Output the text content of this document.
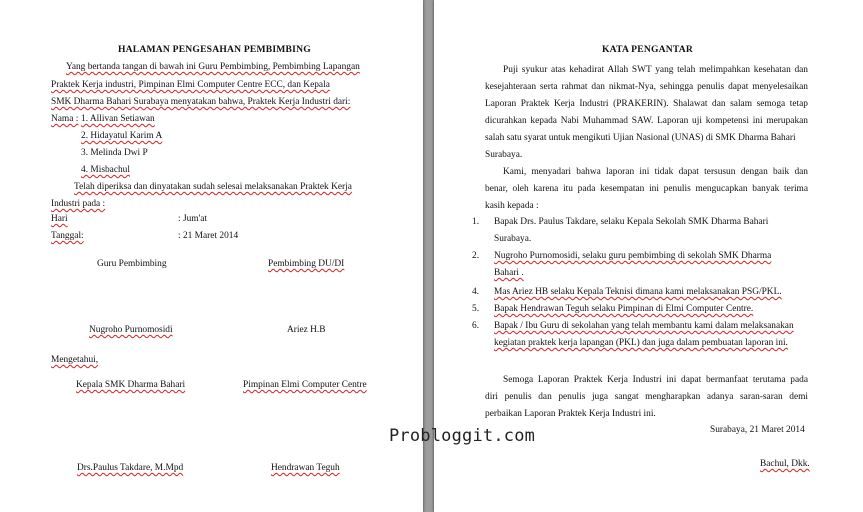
HALAMAN PENGESAHAN PEMBIMBING
Yang bertanda tangan di bawah ini Guru Pembimbing, Pembimbing Lapangan
Praktek Kerja industri, Pimpinan Elmi Computer Centre ECC, dan Kepala
SMK Dharma Bahari Surabaya menyatakan bahwa, Praktek Kerja Industri dari:
Nama : 1. Allivan Setiawan
2. Hidayatul Karim A
3. Melinda Dwi P
4. Misbachul
Telah diperiksa dan dinyatakan sudah selesai melaksanakan Praktek Kerja
Industri pada :
Hari	: Jum'at
Tanggal:	: 21 Maret 2014
Guru Pembimbing	Pembimbing DU/DI
Nugroho Purnomosidi	Ariez H.B
Mengetahui,
Kepala SMK Dharma Bahari	Pimpinan Elmi Computer Centre
Drs.Paulus Takdare, M.Mpd	Hendrawan Teguh
KATA PENGANTAR
Puji syukur atas kehadirat Allah SWT yang telah melimpahkan kesehatan dan
kesejahteraan serta rahmat dan nikmat-Nya, sehingga penulis dapat menyelesaikan
Laporan Praktek Kerja Industri (PRAKERIN). Shalawat dan salam semoga tetap
dicurahkan kepada Nabi Muhammad SAW. Laporan uji kompetensi ini merupakan
salah satu syarat untuk mengikuti Ujian Nasional (UNAS) di SMK Dharma Bahari
Surabaya.
Kami, menyadari bahwa laporan ini tidak dapat tersusun dengan baik dan
benar, oleh karena itu pada kesempatan ini penulis mengucapkan banyak terima
kasih kepada :
1. Bapak Drs. Paulus Takdare, selaku Kepala Sekolah SMK Dharma Bahari
Surabaya.
2. Nugroho Purnomosidi, selaku guru pembimbing di sekolah SMK Dharma
Bahari .
4. Mas Ariez HB selaku Kepala Teknisi dimana kami melaksanakan PSG/PKL.
5. Bapak Hendrawan Teguh selaku Pimpinan di Elmi Computer Centre.
6. Bapak / Ibu Guru di sekolahan yang telah membantu kami dalam melaksanakan
kegiatan praktek kerja lapangan (PKL) dan juga dalam pembuatan laporan ini.
Semoga Laporan Praktek Kerja Industri ini dapat bermanfaat terutama pada
diri penulis dan penulis juga sangat mengharapkan adanya saran-saran demi
perbaikan Laporan Praktek Kerja Industri ini.
Surabaya, 21 Maret 2014
Bachul, Dkk.
Probloggit.com
